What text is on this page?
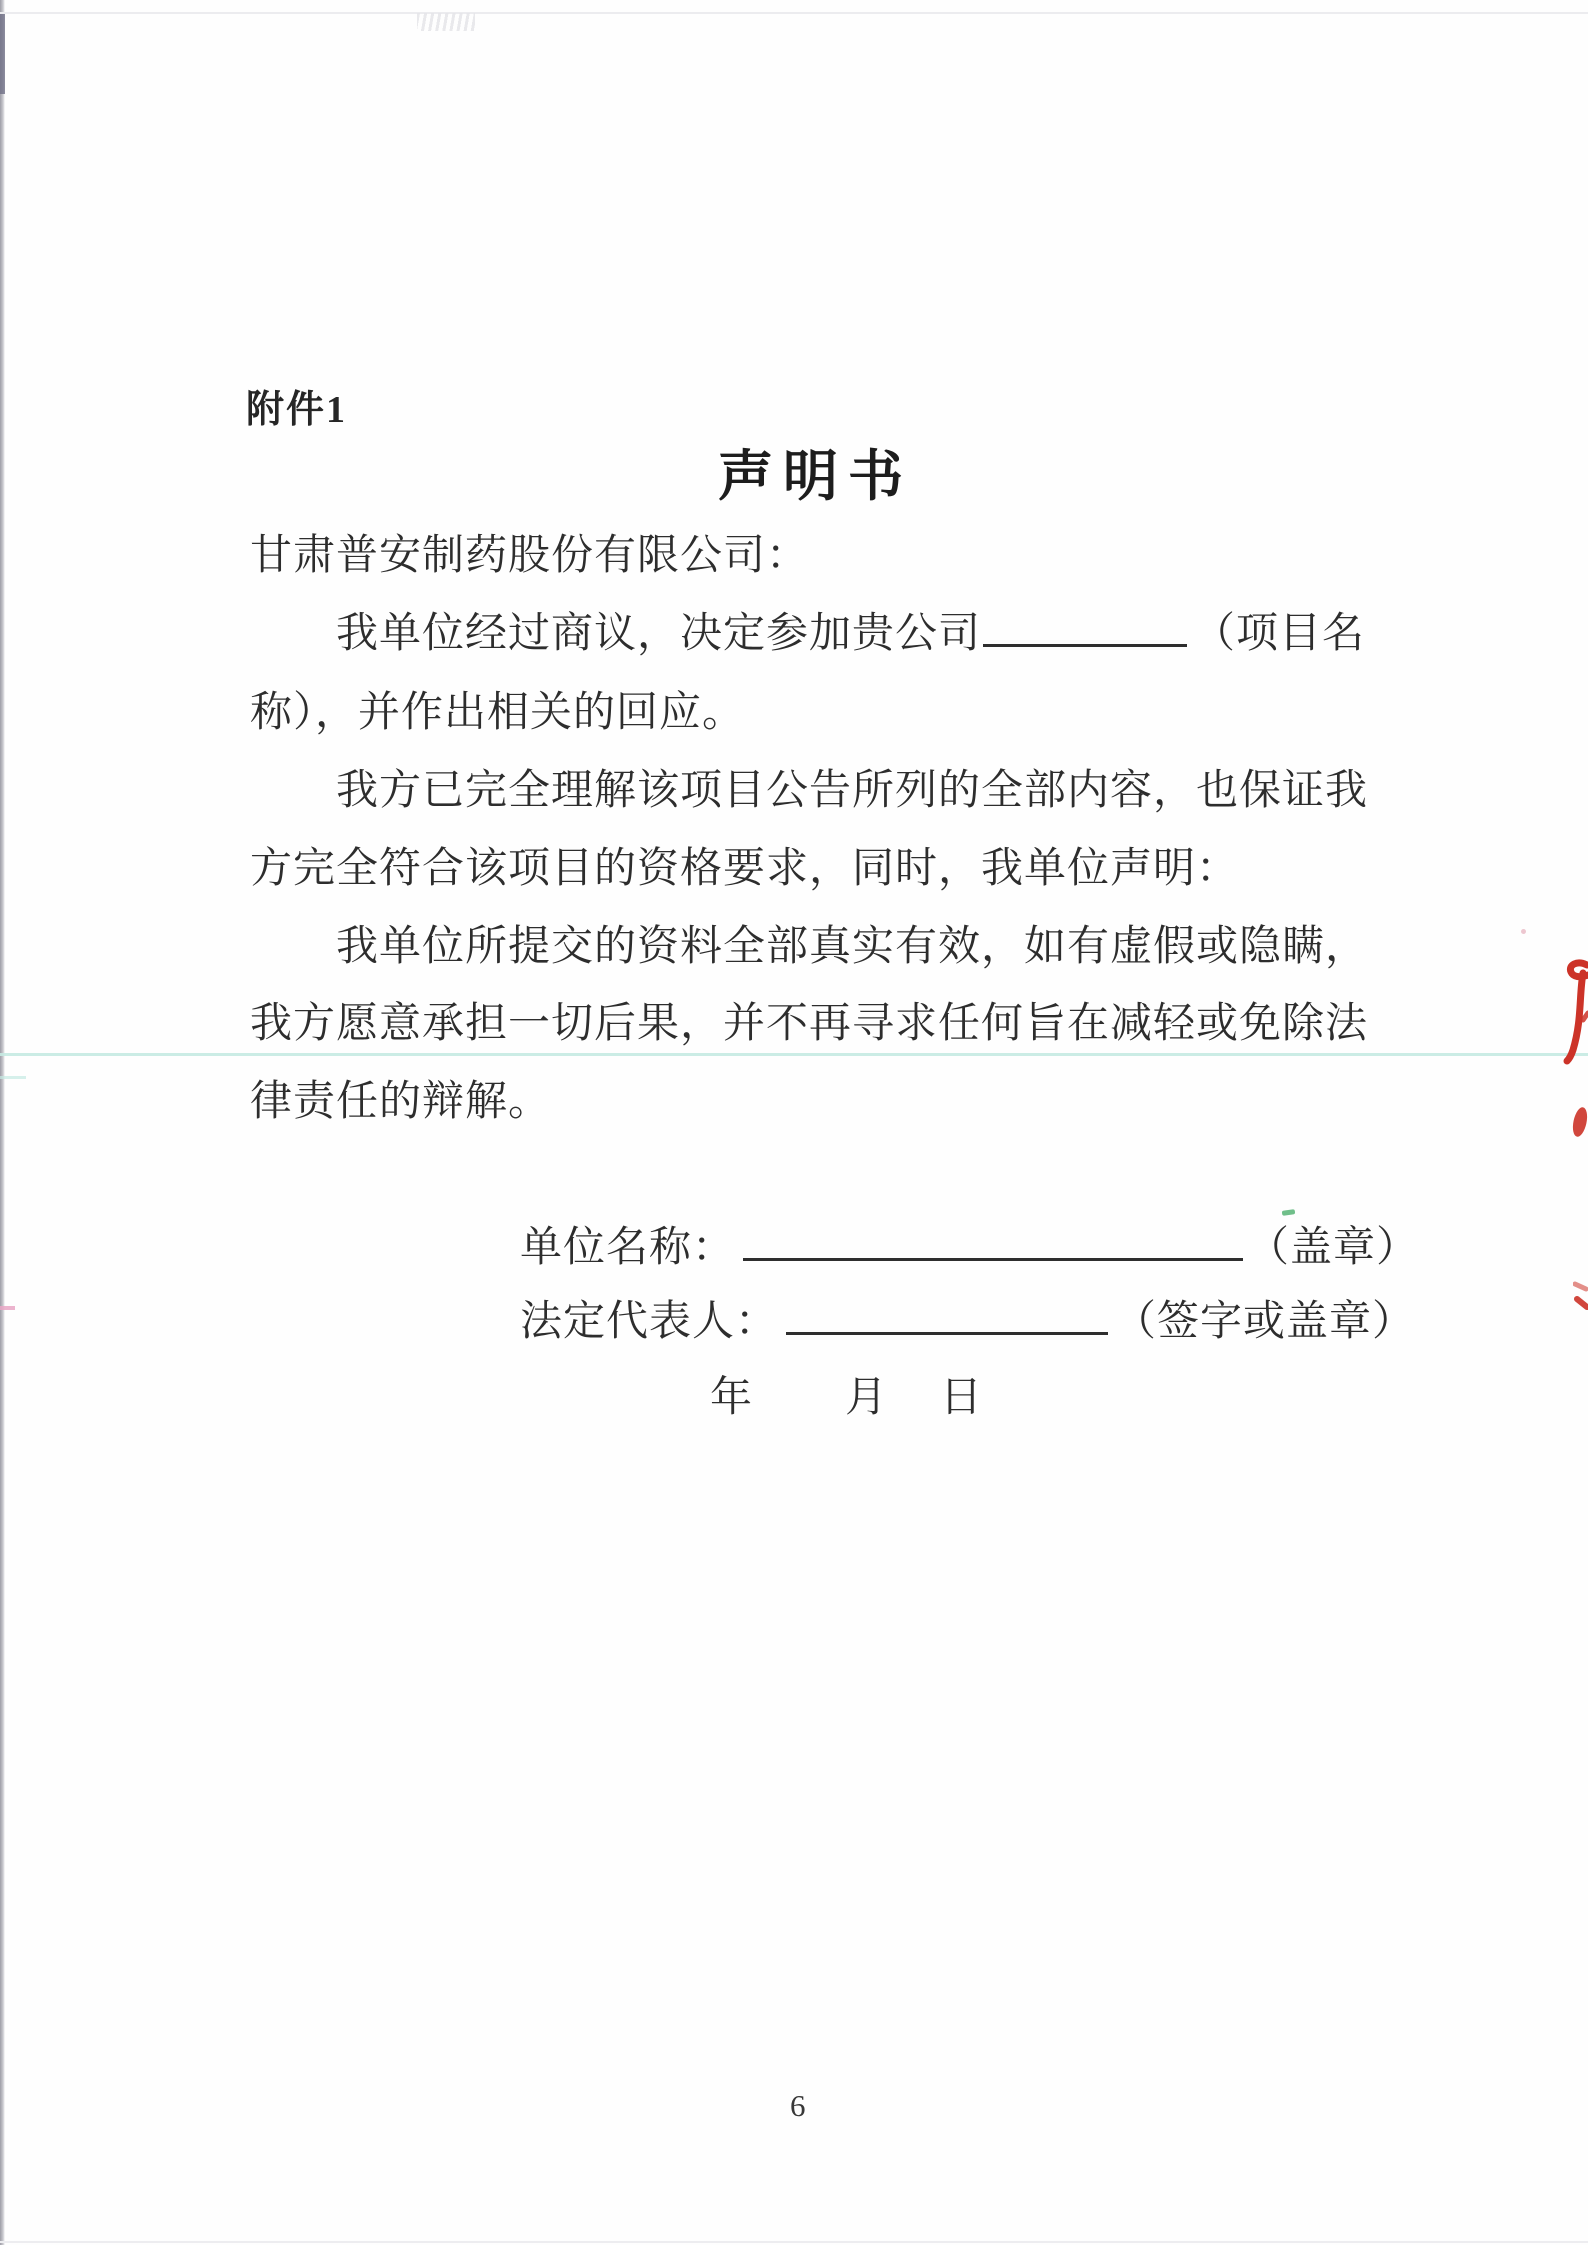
附件1
声明书
甘肃普安制药股份有限公司：
我单位经过商议，决定参加贵公司	（项目名
称），并作出相关的回应。
我方已完全理解该项目公告所列的全部内容，也保证我
方完全符合该项目的资格要求，同时，我单位声明：
我单位所提交的资料全部真实有效，如有虚假或隐瞒，
我方愿意承担一切后果，并不再寻求任何旨在减轻或免除法
律责任的辩解。
单位名称：	（盖章）
法定代表人：	（签字或盖章）
年 月 日
6
